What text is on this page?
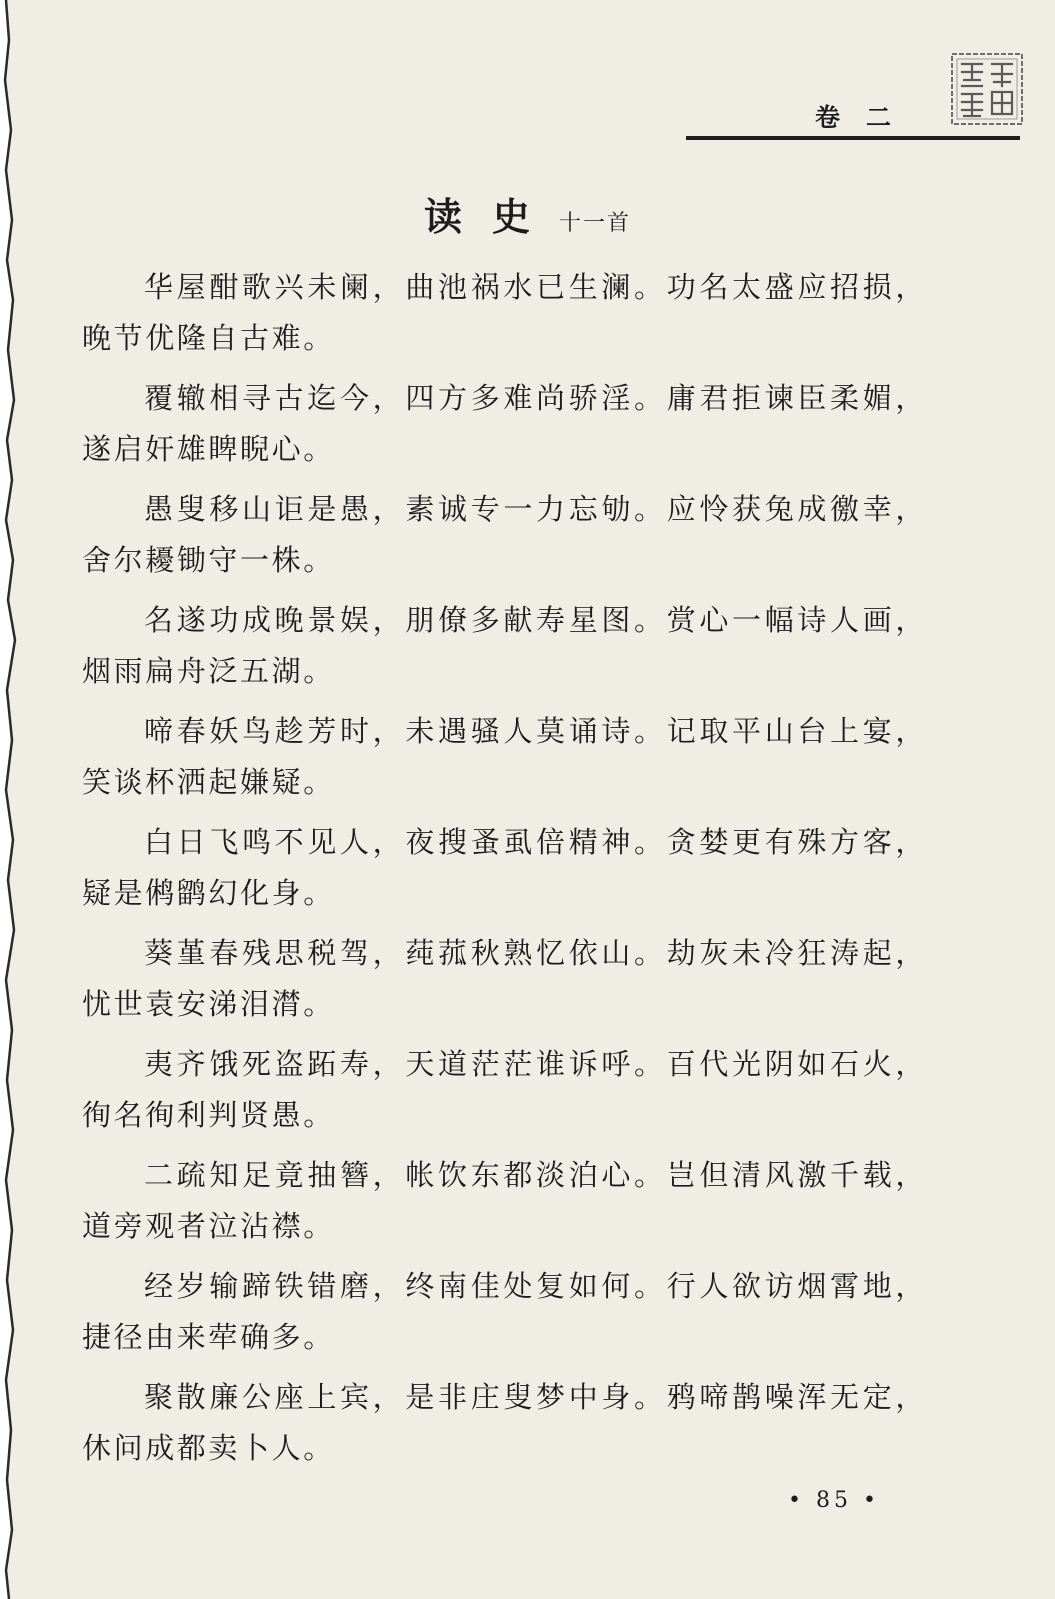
卷二
读史 十一首

华屋酣歌兴未阑，曲池祸水已生澜。功名太盛应招损，晚节优隆自古难。

覆辙相寻古迄今，四方多难尚骄淫。庸君拒谏臣柔媚，遂启奸雄睥睨心。

愚叟移山讵是愚，素诚专一力忘劬。应怜获兔成徼幸，舍尔耰锄守一株。

名遂功成晚景娱，朋僚多献寿星图。赏心一幅诗人画，烟雨扁舟泛五湖。

啼春妖鸟趁芳时，未遇骚人莫诵诗。记取平山台上宴，笑谈杯洒起嫌疑。

白日飞鸣不见人，夜搜蚤虱倍精神。贪婪更有殊方客，疑是鸺鹠幻化身。

葵堇春残思税驾，莼菰秋熟忆依山。劫灰未冷狂涛起，忧世袁安涕泪潸。

夷齐饿死盗跖寿，天道茫茫谁诉呼。百代光阴如石火，徇名徇利判贤愚。

二疏知足竟抽簪，帐饮东都淡泊心。岂但清风激千载，道旁观者泣沾襟。

经岁输蹄铁错磨，终南佳处复如何。行人欲访烟霄地，捷径由来荦确多。

聚散廉公座上宾，是非庄叟梦中身。鸦啼鹊噪浑无定，休问成都卖卜人。

• 85 •
